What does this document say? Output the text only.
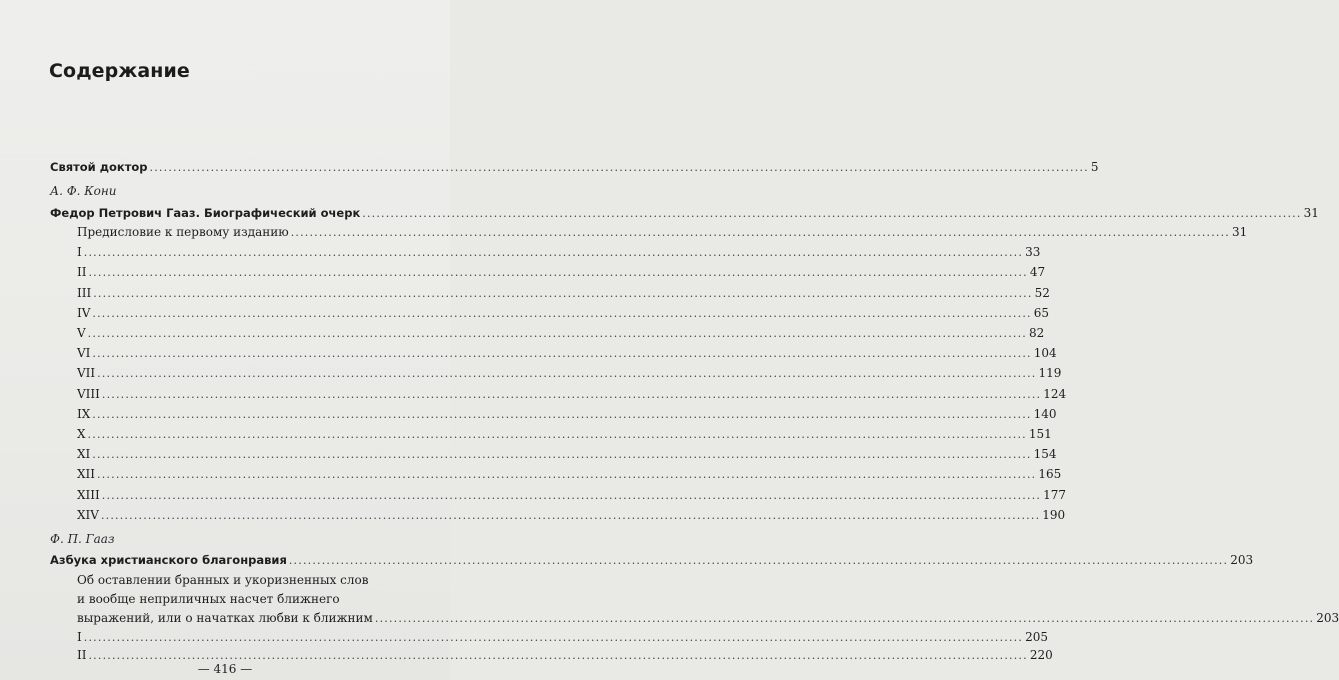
Содержание
Святой доктор ........................................................................................................................................................................................................ 5
А. Ф. Кони
Федор Петрович Гааз. Биографический очерк ........................................................................................................................................................................................................ 31
Предисловие к первому изданию ........................................................................................................................................................................................................ 31
I ........................................................................................................................................................................................................ 33
II ........................................................................................................................................................................................................ 47
III ........................................................................................................................................................................................................ 52
IV ........................................................................................................................................................................................................ 65
V ........................................................................................................................................................................................................ 82
VI ........................................................................................................................................................................................................ 104
VII ........................................................................................................................................................................................................ 119
VIII ........................................................................................................................................................................................................ 124
IX ........................................................................................................................................................................................................ 140
X ........................................................................................................................................................................................................ 151
XI ........................................................................................................................................................................................................ 154
XII ........................................................................................................................................................................................................ 165
XIII ........................................................................................................................................................................................................ 177
XIV ........................................................................................................................................................................................................ 190
Ф. П. Гааз
Азбука христианского благонравия ........................................................................................................................................................................................................ 203
Об оставлении бранных и укоризненных слов
и вообще неприличных насчет ближнего
выражений, или о начатках любви к ближним ........................................................................................................................................................................................................ 203
I ........................................................................................................................................................................................................ 205
II ........................................................................................................................................................................................................ 220
— 416 —
